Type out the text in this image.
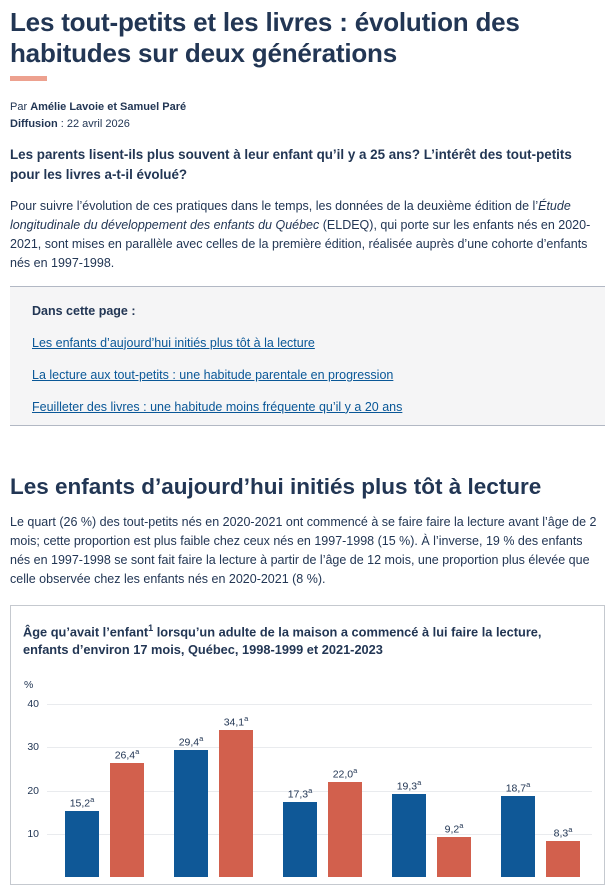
Les tout-petits et les livres : évolution des habitudes sur deux générations
Par Amélie Lavoie et Samuel Paré
Diffusion : 22 avril 2026

Les parents lisent-ils plus souvent à leur enfant qu’il y a 25 ans? L’intérêt des tout-petits pour les livres a-t-il évolué?

Pour suivre l’évolution de ces pratiques dans le temps, les données de la deuxième édition de l’Étude longitudinale du développement des enfants du Québec (ELDEQ), qui porte sur les enfants nés en 2020-2021, sont mises en parallèle avec celles de la première édition, réalisée auprès d’une cohorte d’enfants nés en 1997-1998.

Dans cette page :
Les enfants d’aujourd’hui initiés plus tôt à la lecture
La lecture aux tout-petits : une habitude parentale en progression
Feuilleter des livres : une habitude moins fréquente qu’il y a 20 ans
Les enfants d’aujourd’hui initiés plus tôt à lecture

Le quart (26 %) des tout-petits nés en 2020-2021 ont commencé à se faire faire la lecture avant l’âge de 2 mois; cette proportion est plus faible chez ceux nés en 1997-1998 (15 %). À l’inverse, 19 % des enfants nés en 1997-1998 se sont fait faire la lecture à partir de l’âge de 12 mois, une proportion plus élevée que celle observée chez les enfants nés en 2020-2021 (8 %).

Âge qu’avait l’enfant$^1$ lorsqu’un adulte de la maison a commencé à lui faire la lecture, enfants d’environ 17 mois, Québec, 1998-1999 et 2021-2023
%
40
30
20
10
15,2$^a$
26,4$^a$
29,4$^a$
34,1$^a$
17,3$^a$
22,0$^a$
19,3$^a$
9,2$^a$
18,7$^a$
8,3$^a$
